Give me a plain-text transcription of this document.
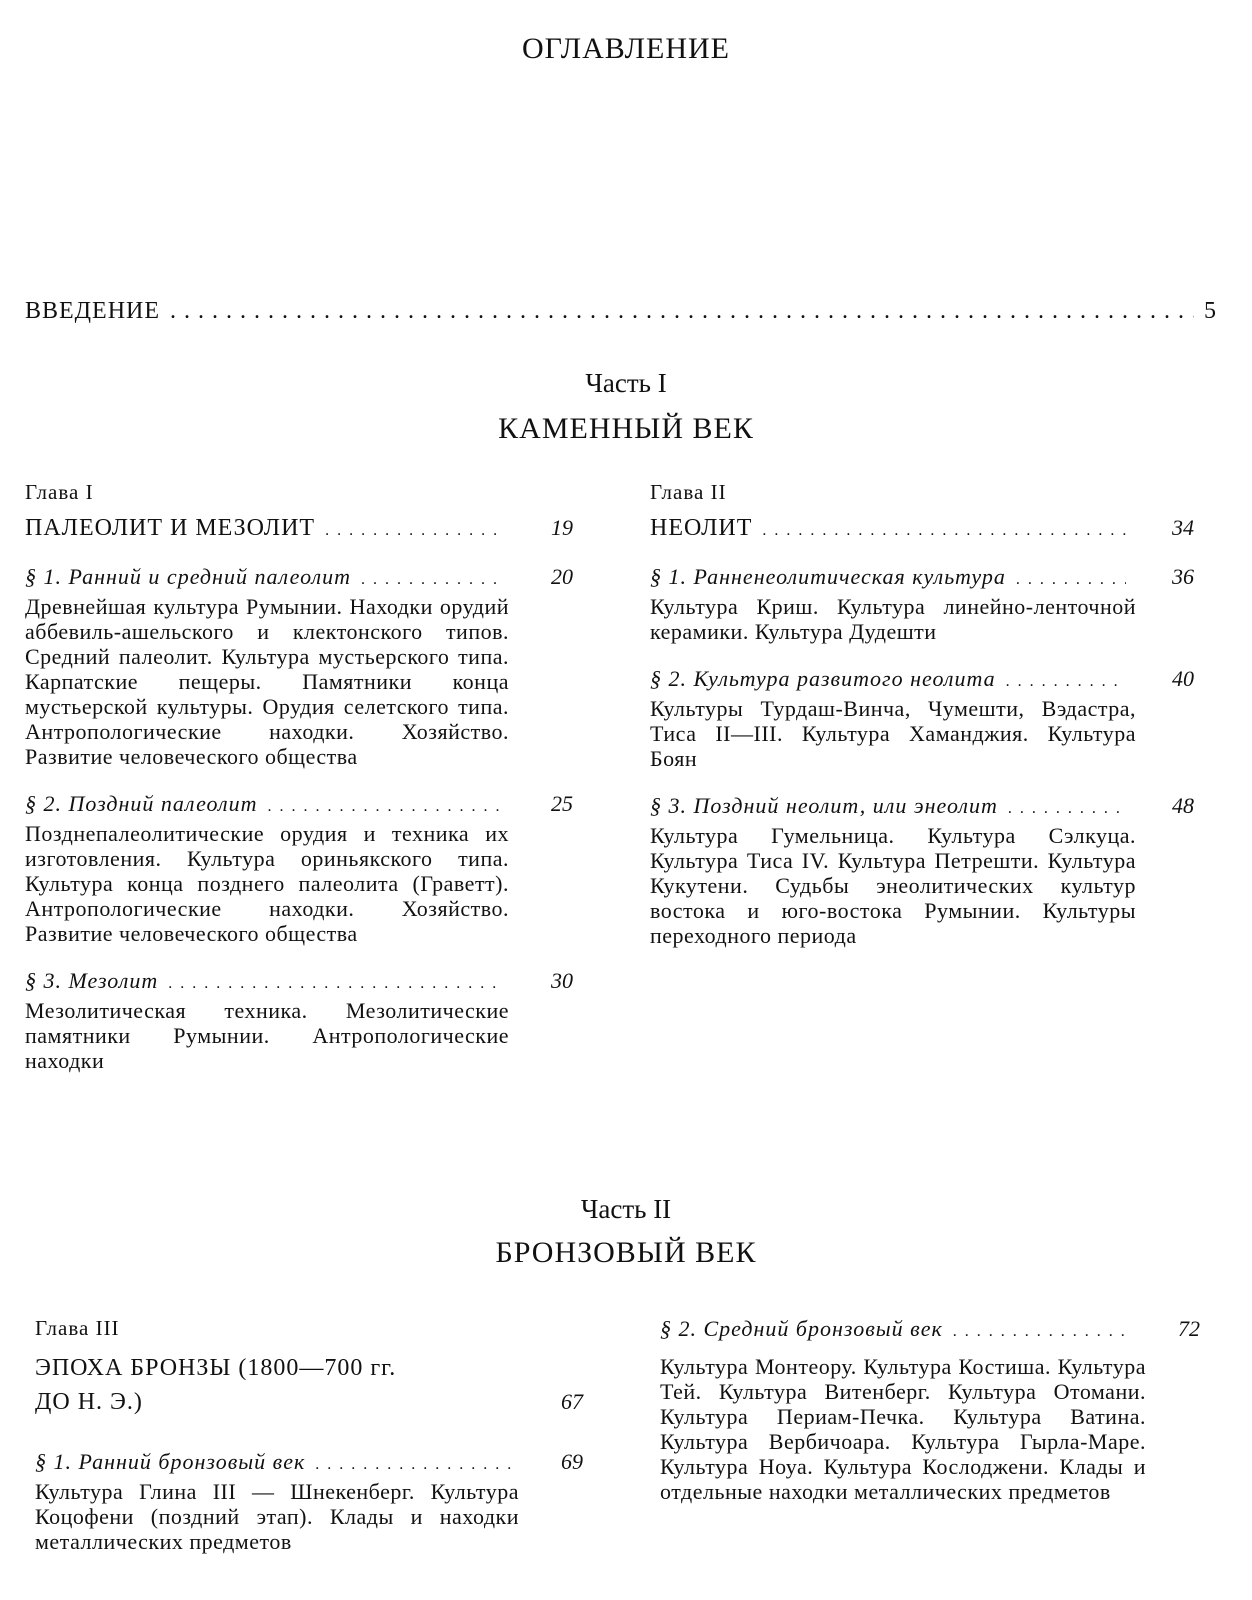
ОГЛАВЛЕНИЕ
ВВЕДЕНИЕ .....	5
Часть I
КАМЕННЫЙ ВЕК
Глава I
ПАЛЕОЛИТ И МЕЗОЛИТ .....	19
§ 1. Ранний и средний палеолит .....	20
Древнейшая культура Румынии. Находки орудий аббевиль-ашельского и клектонского типов. Средний палеолит. Культура мустьерского типа. Карпатские пещеры. Памятники конца мустьерской культуры. Орудия селетского типа. Антропологические находки. Хозяйство. Развитие человеческого общества
§ 2. Поздний палеолит .....	25
Позднепалеолитические орудия и техника их изготовления. Культура ориньякского типа. Культура конца позднего палеолита (Граветт). Антропологические находки. Хозяйство. Развитие человеческого общества
§ 3. Мезолит .....	30
Мезолитическая техника. Мезолитические памятники Румынии. Антропологические находки
Глава II
НЕОЛИТ .....	34
§ 1. Ранненеолитическая культура .....	36
Культура Криш. Культура линейно-ленточной керамики. Культура Дудешти
§ 2. Культура развитого неолита .....	40
Культуры Турдаш-Винча, Чумешти, Вэдастра, Тиса II—III. Культура Хаманджия. Культура Боян
§ 3. Поздний неолит, или энеолит .....	48
Культура Гумельница. Культура Сэлкуца. Культура Тиса IV. Культура Петрешти. Культура Кукутени. Судьбы энеолитических культур востока и юго-востока Румынии. Культуры переходного периода
Часть II
БРОНЗОВЫЙ ВЕК
Глава III
ЭПОХА БРОНЗЫ (1800—700 гг.
ДО Н. Э.)	67
§ 1. Ранний бронзовый век .....	69
Культура Глина III — Шнекенберг. Культура Коцофени (поздний этап). Клады и находки металлических предметов
§ 2. Средний бронзовый век .....	72
Культура Монтеору. Культура Костиша. Культура Тей. Культура Витенберг. Культура Отомани. Культура Периам-Печка. Культура Ватина. Культура Вербичоара. Культура Гырла-Маре. Культура Ноуа. Культура Кослоджени. Клады и отдельные находки металлических предметов
